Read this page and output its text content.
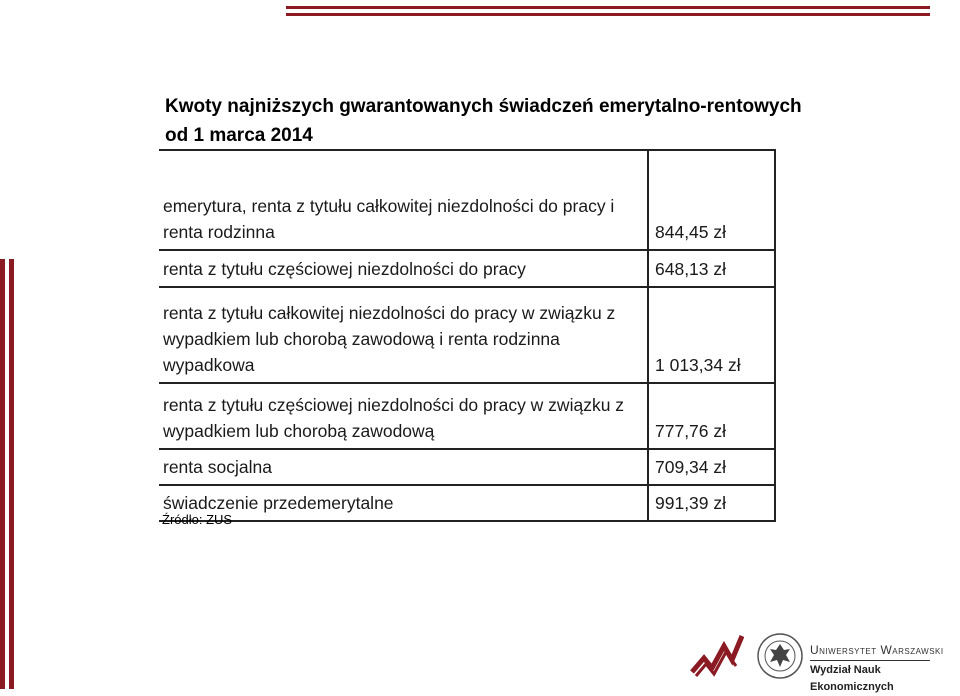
Kwoty najniższych gwarantowanych świadczeń emerytalno-rentowych od 1 marca 2014
emerytura, renta z tytułu całkowitej niezdolności do pracy i renta rodzinna	844,45 zł
renta z tytułu częściowej niezdolności do pracy	648,13 zł
renta z tytułu całkowitej niezdolności do pracy w związku z wypadkiem lub chorobą zawodową i renta rodzinna wypadkowa	1 013,34 zł
renta z tytułu częściowej niezdolności do pracy w związku z wypadkiem lub chorobą zawodową	777,76 zł
renta socjalna	709,34 zł
świadczenie przedemerytalne	991,39 zł
Źródło: ZUS
Uniwersytet Warszawski
Wydział Nauk Ekonomicznych
